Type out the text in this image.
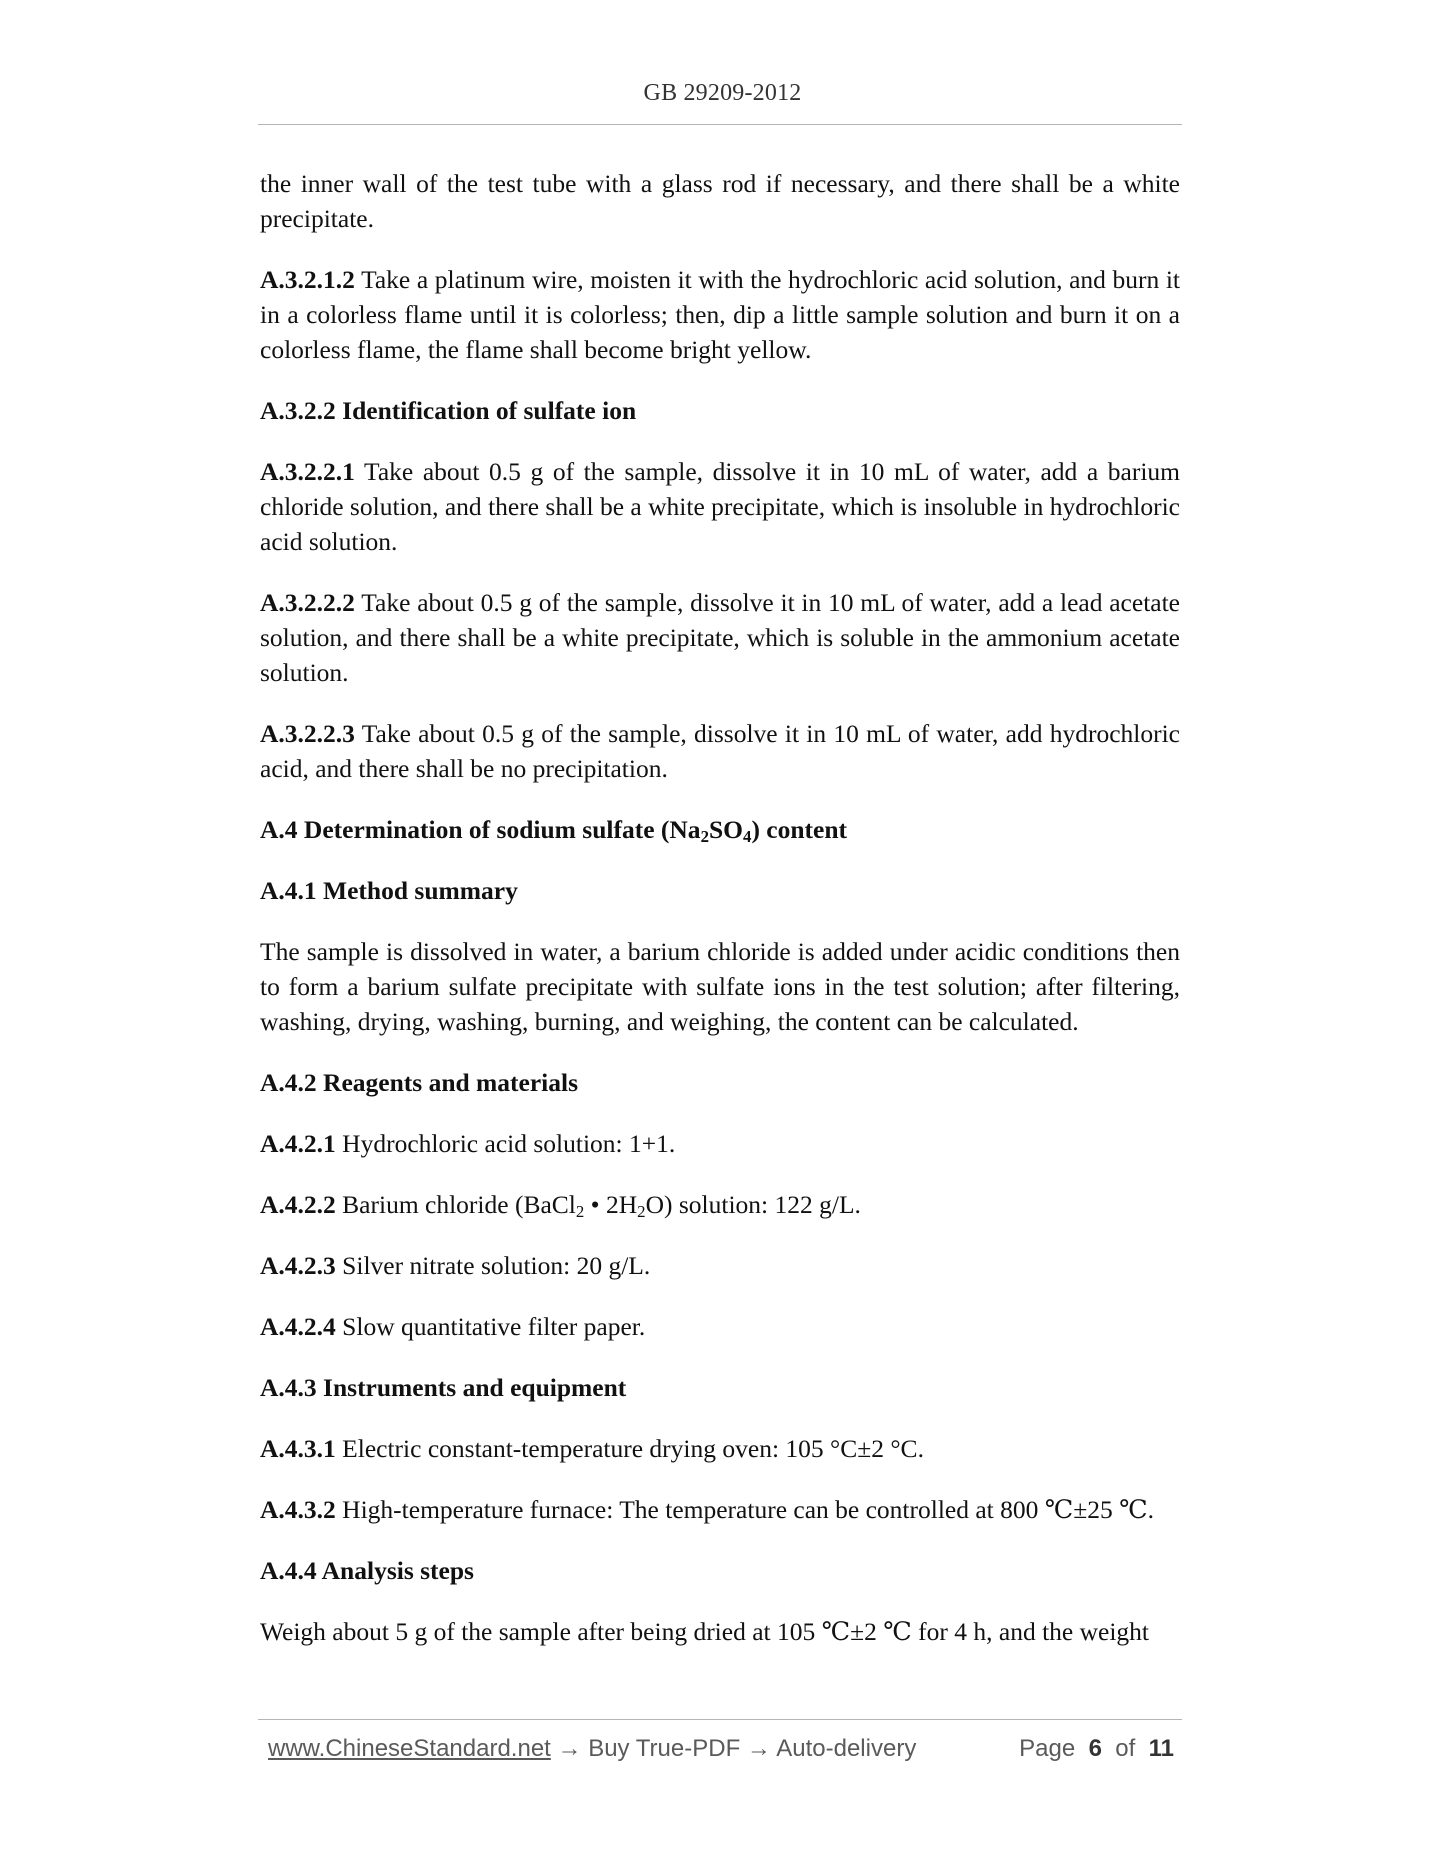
GB 29209-2012

the inner wall of the test tube with a glass rod if necessary, and there shall be a white precipitate.

A.3.2.1.2 Take a platinum wire, moisten it with the hydrochloric acid solution, and burn it in a colorless flame until it is colorless; then, dip a little sample solution and burn it on a colorless flame, the flame shall become bright yellow.

A.3.2.2 Identification of sulfate ion

A.3.2.2.1 Take about 0.5 g of the sample, dissolve it in 10 mL of water, add a barium chloride solution, and there shall be a white precipitate, which is insoluble in hydrochloric acid solution.

A.3.2.2.2 Take about 0.5 g of the sample, dissolve it in 10 mL of water, add a lead acetate solution, and there shall be a white precipitate, which is soluble in the ammonium acetate solution.

A.3.2.2.3 Take about 0.5 g of the sample, dissolve it in 10 mL of water, add hydrochloric acid, and there shall be no precipitation.

A.4 Determination of sodium sulfate $(Na_2SO_4)$ content

A.4.1 Method summary

The sample is dissolved in water, a barium chloride is added under acidic conditions then to form a barium sulfate precipitate with sulfate ions in the test solution; after filtering, washing, drying, washing, burning, and weighing, the content can be calculated.

A.4.2 Reagents and materials

A.4.2.1 Hydrochloric acid solution: 1+1.

A.4.2.2 Barium chloride (BaCl$_2$ • $2H_2O$) solution: 122 g/L.

A.4.2.3 Silver nitrate solution: 20 g/L.

A.4.2.4 Slow quantitative filter paper.

A.4.3 Instruments and equipment

A.4.3.1 Electric constant-temperature drying oven: 105 °C±2 °C.

A.4.3.2 High-temperature furnace: The temperature can be controlled at 800 ℃±25 ℃.

A.4.4 Analysis steps

Weigh about 5 g of the sample after being dried at 105 ℃±2 ℃ for 4 h, and the weight

www.ChineseStandard.net → Buy True-PDF → Auto-delivery	Page 6 of 11
